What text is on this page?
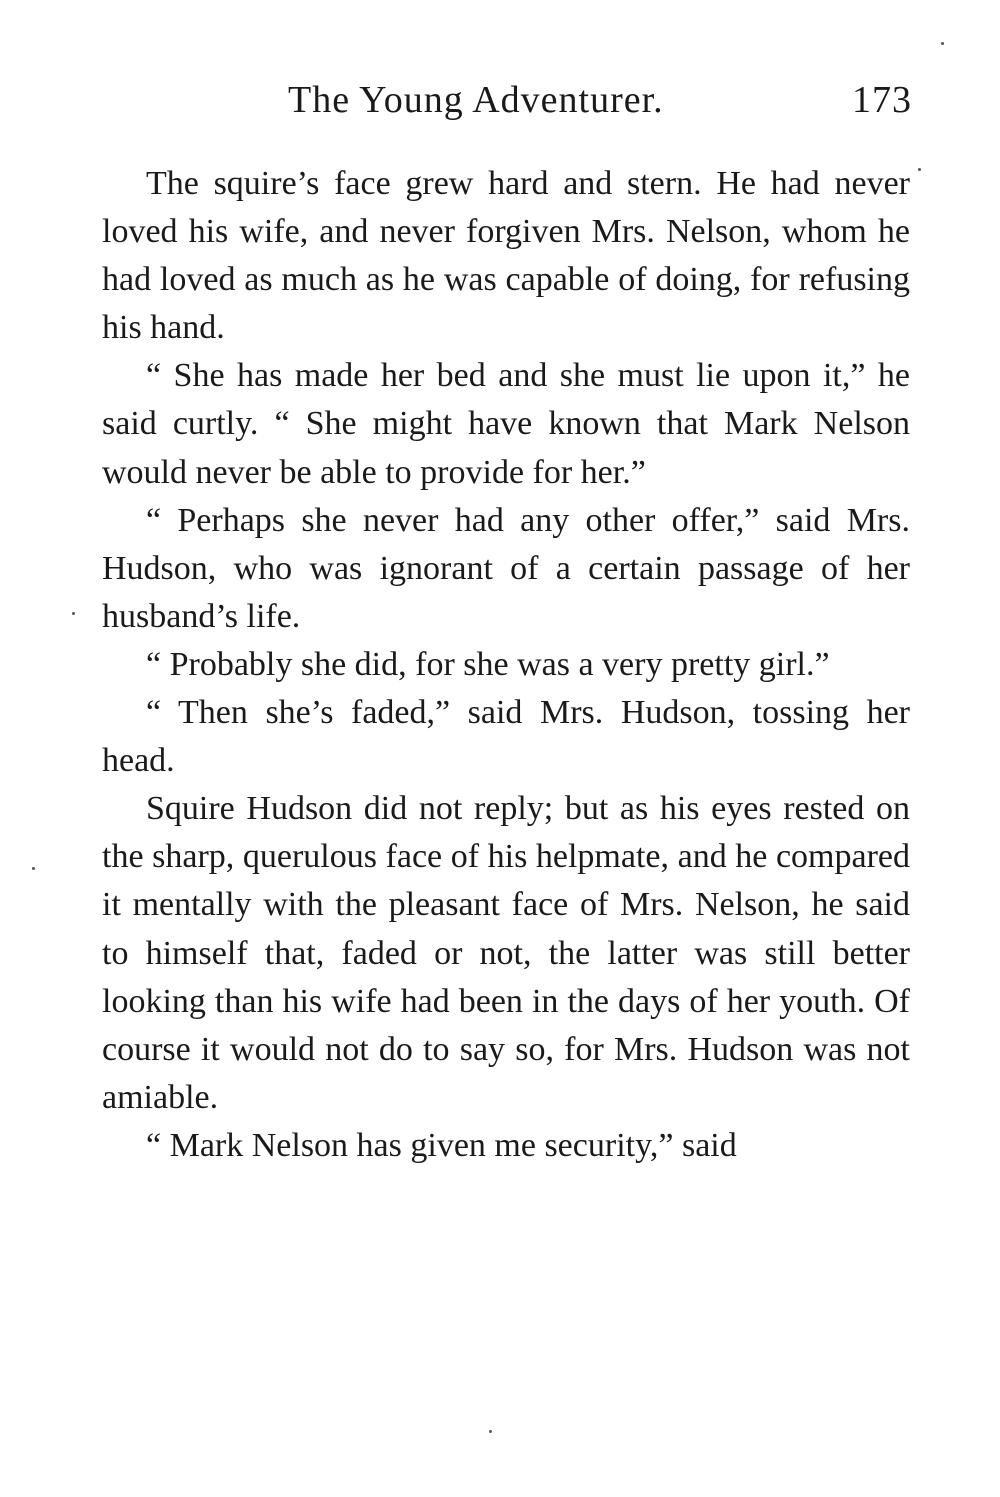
The Young Adventurer.	173

The squire’s face grew hard and stern. He had never loved his wife, and never forgiven Mrs. Nelson, whom he had loved as much as he was capable of doing, for refusing his hand.

“ She has made her bed and she must lie upon it,” he said curtly. “ She might have known that Mark Nelson would never be able to provide for her.”

“ Perhaps she never had any other offer,” said Mrs. Hudson, who was ignorant of a certain passage of her husband’s life.

“ Probably she did, for she was a very pretty girl.”

“ Then she’s faded,” said Mrs. Hudson, tossing her head.

Squire Hudson did not reply; but as his eyes rested on the sharp, querulous face of his helpmate, and he compared it mentally with the pleasant face of Mrs. Nelson, he said to himself that, faded or not, the latter was still better looking than his wife had been in the days of her youth. Of course it would not do to say so, for Mrs. Hudson was not amiable.

“ Mark Nelson has given me security,” said
